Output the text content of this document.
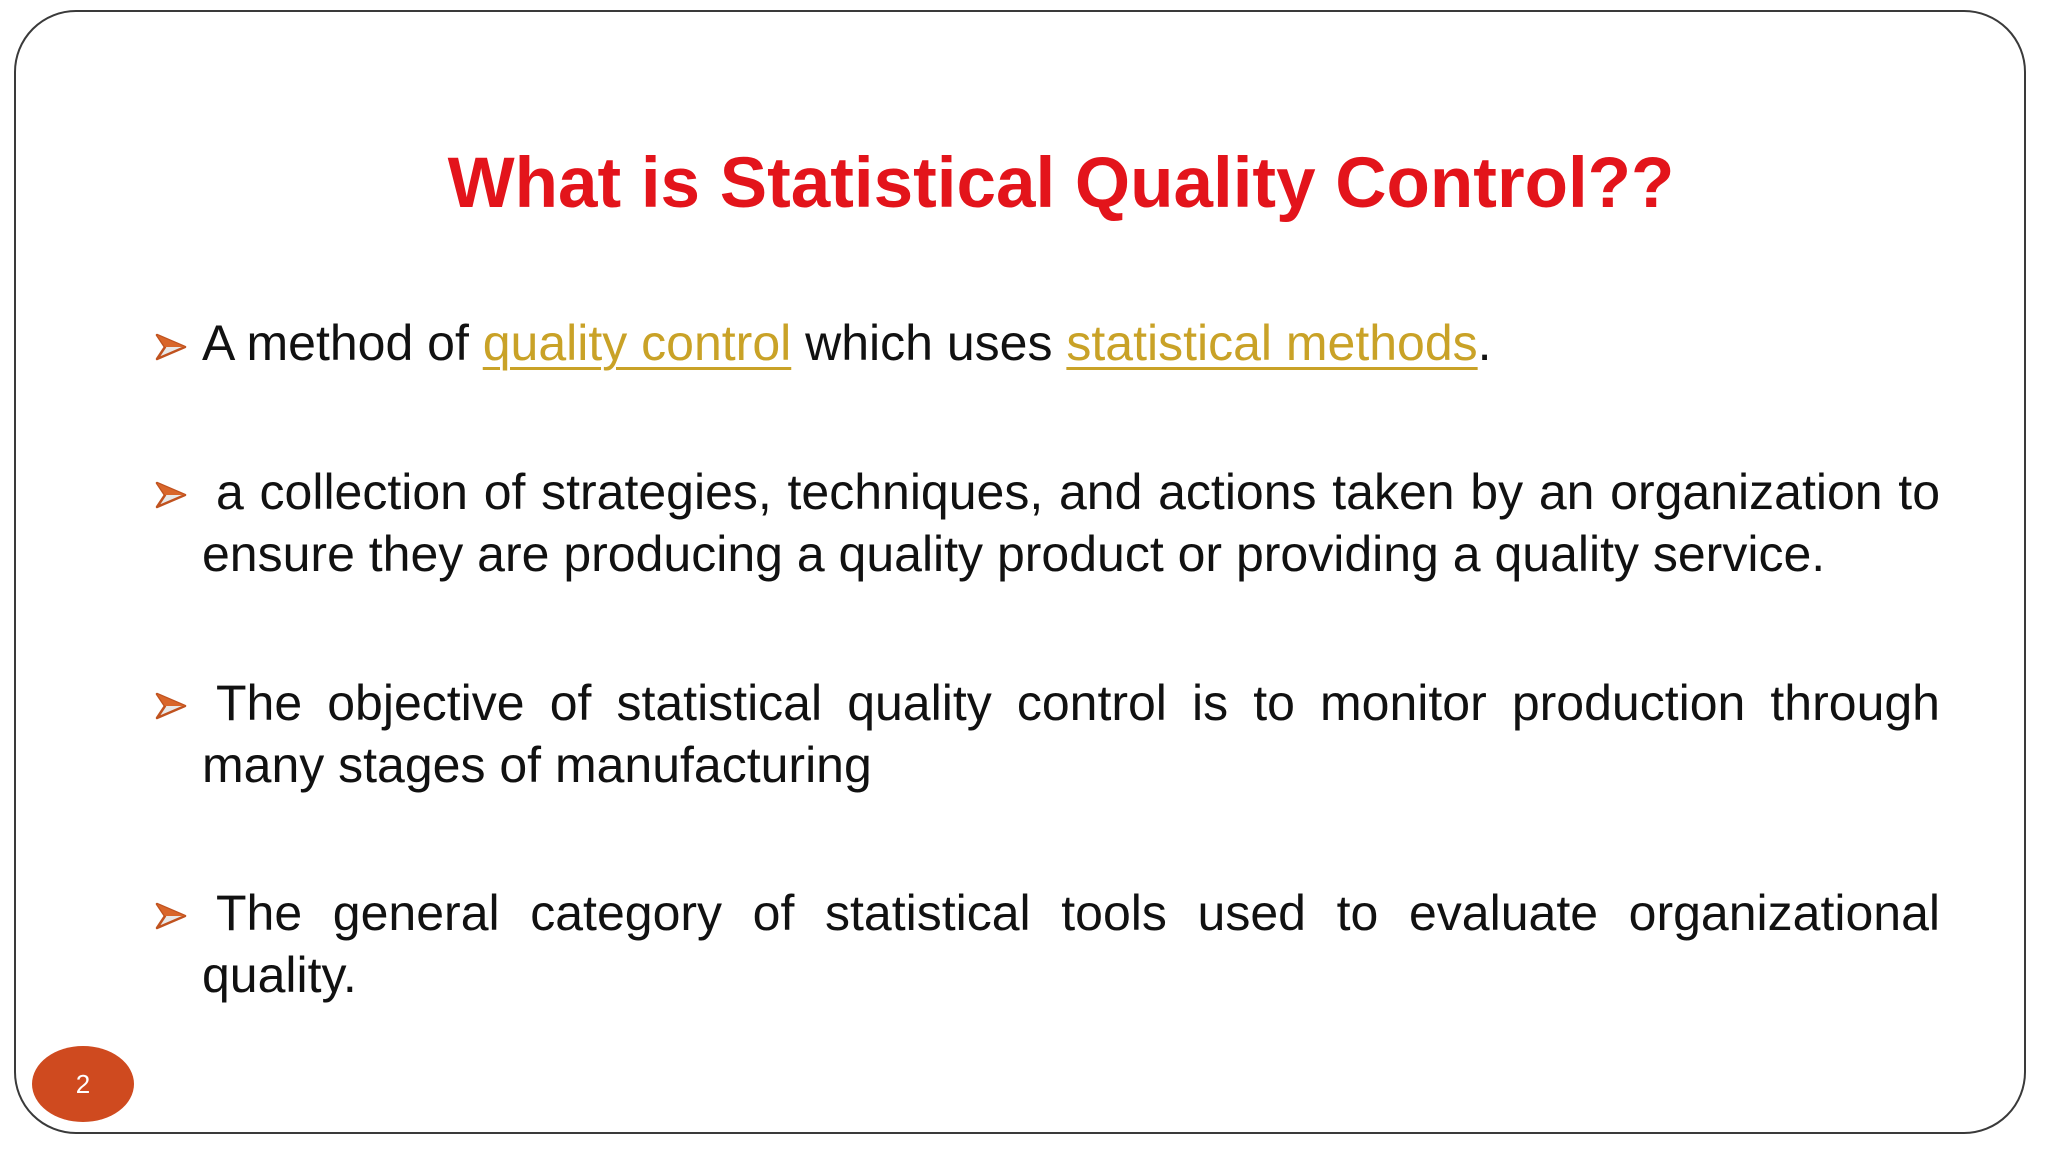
What is Statistical Quality Control??
A method of quality control which uses statistical methods.
a collection of strategies, techniques, and actions taken by an organization to ensure they are producing a quality product or providing a quality service.
The objective of statistical quality control is to monitor production through many stages of manufacturing
The general category of statistical tools used to evaluate organizational quality.
2
